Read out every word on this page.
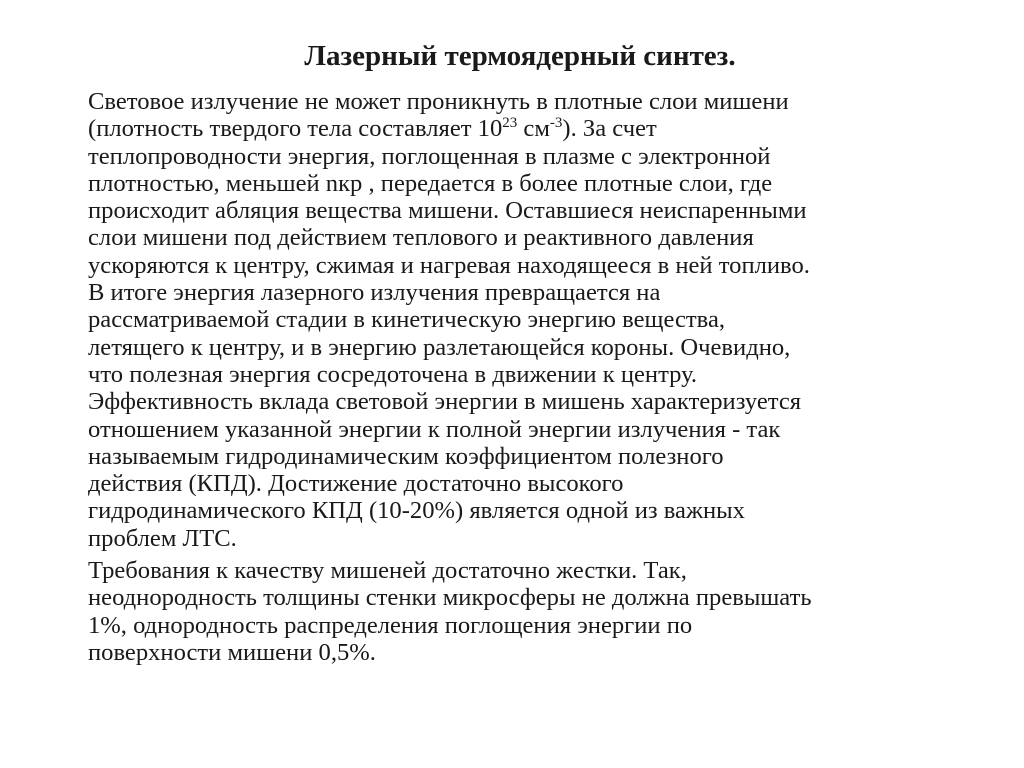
Лазерный термоядерный синтез.

Световое излучение не может проникнуть в плотные слои мишени
(плотность твердого тела составляет $10^{23}$ $см^{-3}$). За счет
теплопроводности энергия, поглощенная в плазме с электронной
плотностью, меньшей nкр , передается в более плотные слои, где
происходит абляция вещества мишени. Оставшиеся неиспаренными
слои мишени под действием теплового и реактивного давления
ускоряются к центру, сжимая и нагревая находящееся в ней топливо.
В итоге энергия лазерного излучения превращается на
рассматриваемой стадии в кинетическую энергию вещества,
летящего к центру, и в энергию разлетающейся короны. Очевидно,
что полезная энергия сосредоточена в движении к центру.
Эффективность вклада световой энергии в мишень характеризуется
отношением указанной энергии к полной энергии излучения - так
называемым гидродинамическим коэффициентом полезного
действия (КПД). Достижение достаточно высокого
гидродинамического КПД (10-20%) является одной из важных
проблем ЛТС.

Требования к качеству мишеней достаточно жестки. Так,
неоднородность толщины стенки микросферы не должна превышать
1%, однородность распределения поглощения энергии по
поверхности мишени 0,5%.
